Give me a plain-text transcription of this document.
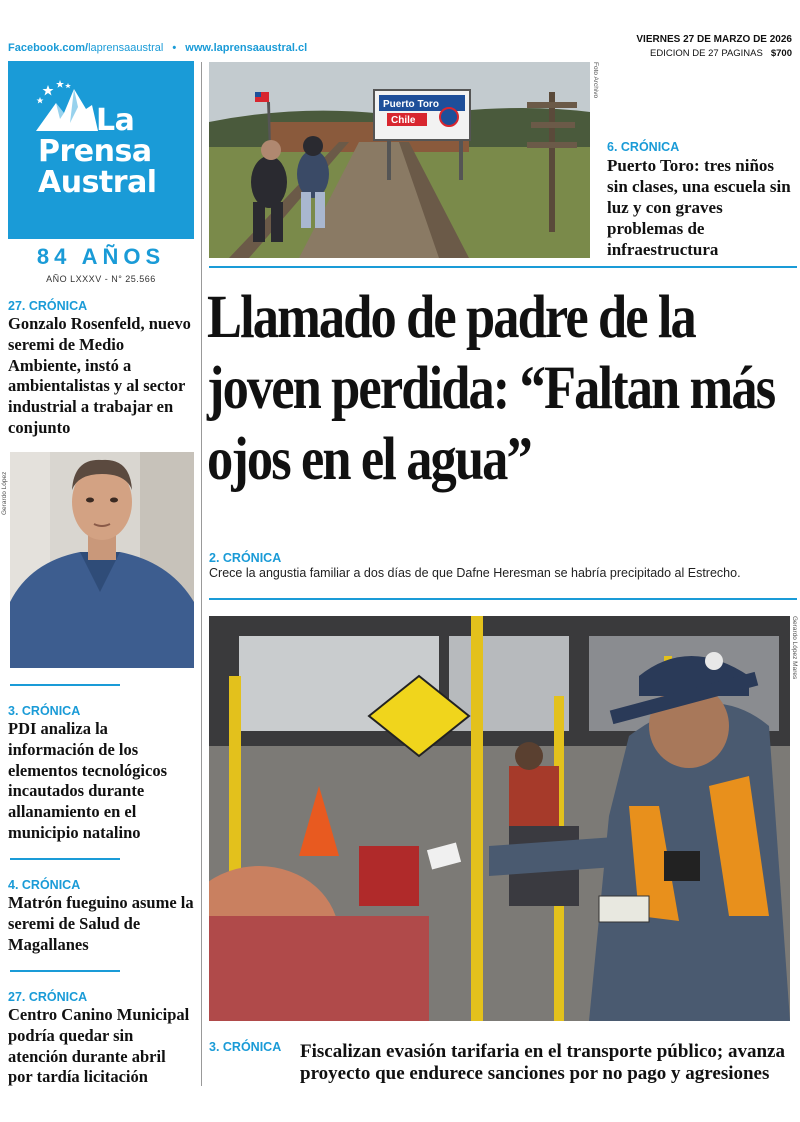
Facebook.com/laprensaaustral • www.laprensaaustral.cl
VIERNES 27 DE MARZO DE 2026
EDICION DE 27 PAGINAS $700
La
Prensa
Austral
84 AÑOS
AÑO LXXXV - N° 25.566
27. CRÓNICA
Gonzalo Rosenfeld, nuevo seremi de Medio Ambiente, instó a ambientalistas y al sector industrial a trabajar en conjunto
Gerardo López
3. CRÓNICA
PDI analiza la información de los elementos tecnológicos incautados durante allanamiento en el municipio natalino
4. CRÓNICA
Matrón fueguino asume la seremi de Salud de Magallanes
27. CRÓNICA
Centro Canino Municipal podría quedar sin atención durante abril por tardía licitación
Puerto Toro
Chile
Foto Archivo
6. CRÓNICA
Puerto Toro: tres niños sin clases, una escuela sin luz y con graves problemas de infraestructura
Llamado de padre de la joven perdida: “Faltan más ojos en el agua”
2. CRÓNICA
Crece la angustia familiar a dos días de que Dafne Heresman se habría precipitado al Estrecho.
Gerardo López Mares
3. CRÓNICA Fiscalizan evasión tarifaria en el transporte público; avanza proyecto que endurece sanciones por no pago y agresiones
